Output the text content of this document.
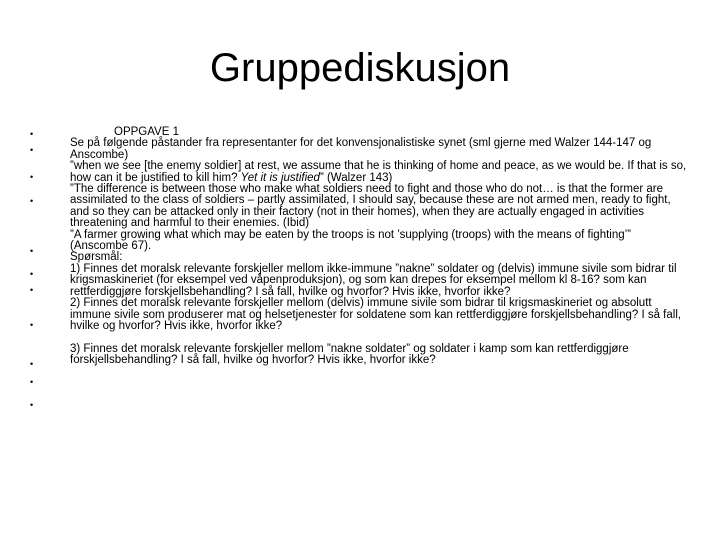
Gruppediskusjon
•
•
•
•
•
•
•
•
•
•
•
OPPGAVE 1
Se på følgende påstander fra representanter for det konvensjonalistiske synet (sml gjerne med Walzer 144-147 og Anscombe)
”when we see [the enemy soldier] at rest, we assume that he is thinking of home and peace, as we would be. If that is so, how can it be justified to kill him? Yet it is justified” (Walzer 143)
”The difference is between those who make what soldiers need to fight and those who do not… is that the former are assimilated to the class of soldiers – partly assimilated, I should say, because these are not armed men, ready to fight, and so they can be attacked only in their factory (not in their homes), when they are actually engaged in activities threatening and harmful to their enemies. (Ibid)
”A farmer growing what which may be eaten by the troops is not ’supplying (troops) with the means of fighting’” (Anscombe 67).
Spørsmål:
1) Finnes det moralsk relevante forskjeller mellom ikke-immune ”nakne” soldater og (delvis) immune sivile som bidrar til krigsmaskineriet (for eksempel ved våpenproduksjon), og som kan drepes for eksempel mellom kl 8-16? som kan rettferdiggjøre forskjellsbehandling? I så fall, hvilke og hvorfor? Hvis ikke, hvorfor ikke?
2) Finnes det moralsk relevante forskjeller mellom (delvis) immune sivile som bidrar til krigsmaskineriet og absolutt immune sivile som produserer mat og helsetjenester for soldatene som kan rettferdiggjøre forskjellsbehandling? I så fall, hvilke og hvorfor? Hvis ikke, hvorfor ikke?
3) Finnes det moralsk relevante forskjeller mellom ”nakne soldater” og soldater i kamp som kan rettferdiggjøre forskjellsbehandling? I så fall, hvilke og hvorfor? Hvis ikke, hvorfor ikke?
